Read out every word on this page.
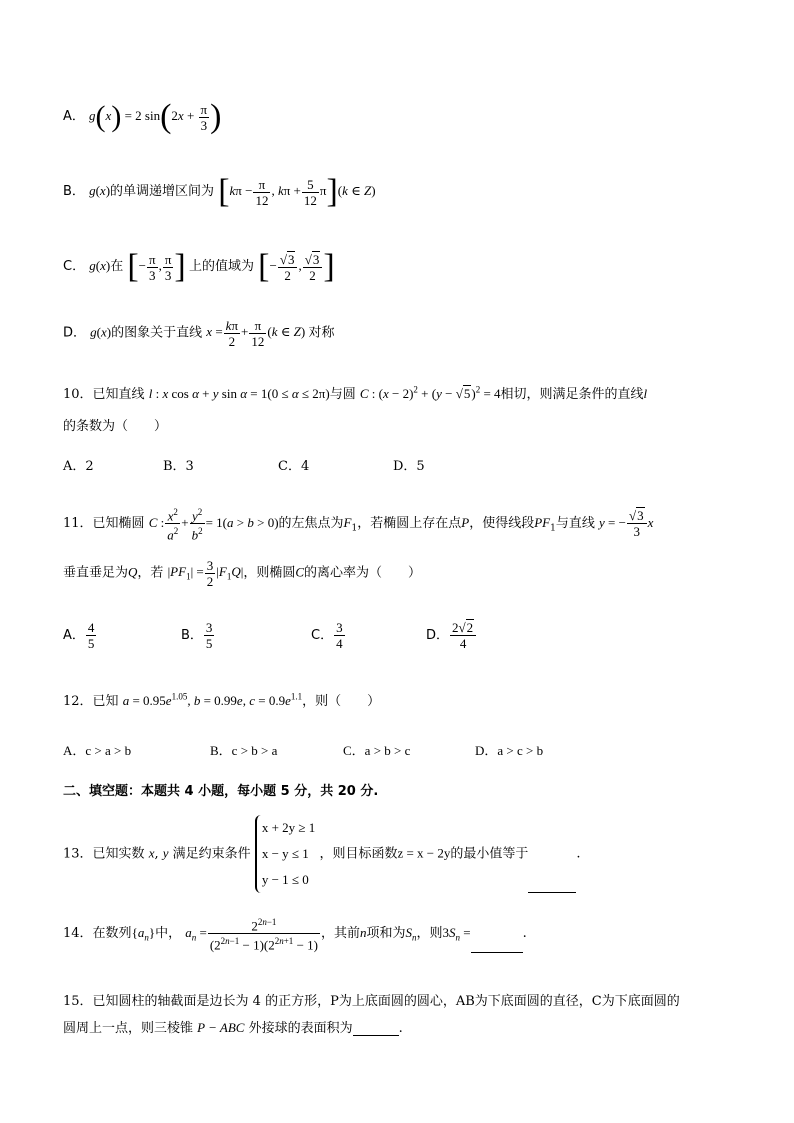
A． g(x) = 2 $\sin(2x + \frac{\pi}{3}$ )
B． g(x)的单调递增区间为 [$k\pi - \frac{\pi}{12}$ , $k\pi + \frac{5}{12} \pi](k$ ∈ Z)
C． g(x)在 [− $\frac{\pi}{3}$ , $\frac{\pi}{3}$ ] 上的值域为 [− $\frac{√3}{2}$ , $\frac{√3}{2}$ ]
D． g(x)的图象关于直线 $x = \frac{k\pi}{2} + \frac{\pi}{12} (k$ ∈ Z) 对称
10．已知直线 l : x cos α + y sin α = 1(0 ≤ α ≤ 2π)与圆 C : $(x - 2)^2 + (y - √5)^2 = 4$相切，则满足条件的直线l
的条数为（　　）
A．2	B．3	C．4	D．5
11．已知椭圆 C : $\frac{x^2}{a^2} + \frac{y^2}{b^2} = 1(a > b > 0)$的左焦点为$F_1$，若椭圆上存在点P，使得线段$PF_1$与直线 y = − $\frac{√3}{3}$ x
垂直垂足为Q，若 $|PF_1| = \frac{3}{2} |F_1Q|$，则椭圆C的离心率为（　　）
A． $\frac{4}{5}$	B． $\frac{3}{5}$	C． $\frac{3}{4}$	D． $\frac{2√2}{4}$
12．已知 $a = 0.95e^{1.05}$, b = 0.99e, $c = 0.9e^{1.1}$，则（　　）
A．c > a > b	B．c > b > a	C．a > b > c	D．a > c > b
二、填空题：本题共 4 小题，每小题 5 分，共 20 分.
13．已知实数 x, y 满足约束条件
x + 2y ≥ 1
x − y ≤ 1
y − 1 ≤ 0
，则目标函数z = x − 2y的最小值等于	.
14．在数列$\{a_n\}$中， $a_n = \frac{2^{2n-1}}{(2^{2n-1} - 1)(2^{2n+1} - 1)}$ ，其前n项和为$S_n$，则$3S_n$ =	.
15．已知圆柱的轴截面是边长为 4 的正方形，P为上底面圆的圆心，AB为下底面圆的直径，C为下底面圆的
圆周上一点，则三棱锥 P − ABC 外接球的表面积为	.
